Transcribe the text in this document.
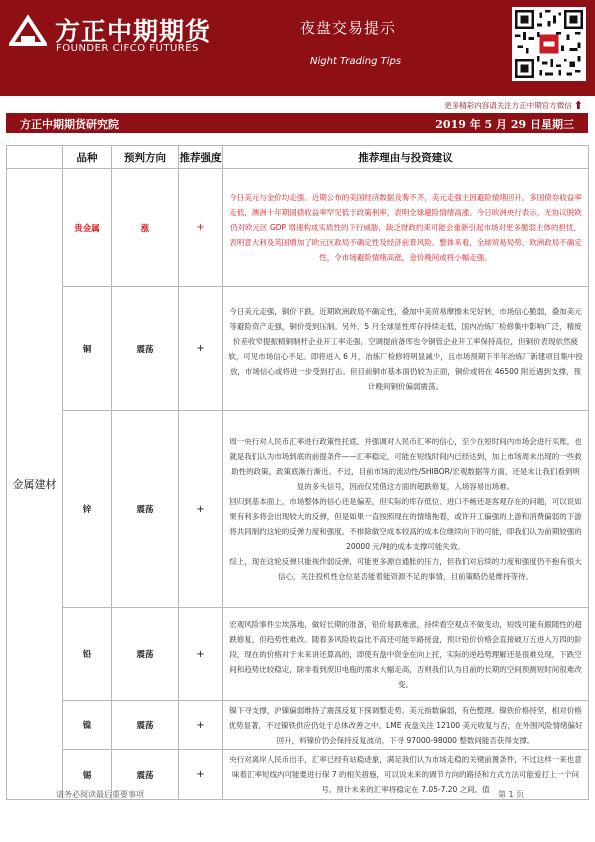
方正中期期货
FOUNDER CIFCO FUTURES
夜盘交易提示
Night Trading Tips
更多精彩内容请关注方正中期官方微信 ⬆
方正中期期货研究院	2019 年 5 月 29 日星期三
	品种	预判方向	推荐强度	推荐理由与投资建议
金属建材	贵金属	涨	+	今日美元与金价均走强。近期公布的美国经济数据良莠不齐，美元走强主因避险情绪回升。多国债券收益率走低，澳洲十年期国债收益率罕见低于政策利率，表明全球避险情绪高涨。今日欧洲央行表示，无协议脱欧仍对欧元区 GDP 增速构成实质性的下行威胁，缺乏财政约束可能会重新引起市场对更多脆弱主体的担忧，表明意大利及英国增加了欧元区政局不确定性及经济前景风险。整体来看，全球贸易局势、欧洲政局不确定性，令市场避险情绪高涨，金价晚间或将小幅走强。

	铜	震荡	+	今日美元走强，铜价下跌。近期欧洲政局不确定性，叠加中美贸易摩擦未见好转，市场信心脆弱，叠加美元等避险资产走强，铜价受到压制。另外，5 月全球显性库存持续走低，国内冶炼厂检修集中影响广泛，精废价差收窄提振精铜制杆企业开工率走强，空调提前备库也令铜管企业开工率保持高位，但铜价表现依然疲软，可见市场信心不足。即将进入 6 月，冶炼厂检修将明显减少，且市场预期下半年冶炼厂新建项目集中投放，市场信心或将进一步受到打击。但目前铜市基本面仍较为正面，铜价或将在 46500 附近遇到支撑，预计晚间铜价偏弱震荡。

	锌	震荡	+	周一央行对人民币汇率进行政策性托底，并强调对人民币汇率的信心，至少在短时间内市场会进行买账，也就是我们认为市场到底的前提条件——汇率稳定，可能在短线时间内已经达到，加上市场周末出现的一些救助性的政策，政策底渐行渐近。不过，目前市场的流动性/SHIBOR/宏观数据等方面，还是未让我们看到明显的多头信号，因而仅凭借这方面的超跌修复，入场容易出场难。

回归到基本面上，市场整体的信心还是偏差，但实际的库存低位、进口不畅还是客观存在的问题，可以说如果有利多将会出现较大的反弹，但是如果一直按照现在的情绪拖着，或许开工偏强的上游和消费偏弱的下游将共同制约这轮的反弹力度和强度，不排除做空成本较高的成本位继续向下的可能，即我们认为前期较强的 20000 元/吨的成本支撑可能失效。

综上，现在这轮反弹只能视作弱反弹，可能更多源自通胀的压力，但我们对后续的力度和强度仍不抱有很大信心，关注投机性仓位是否能着能资源不足的事情，目前策略仍是维持等待。

	铅	震荡	+	宏观风险事件尘埃落地，做好长期的准备，铅价易跌难涨，持续看空观点不做变动，短线可能有跟随性的超跌修复，但趋势性难改。随着多风险收益比不高还可能半路接盘，预计铅价价格会直接破万五进入万四的阶段，现在的价格对于未来讲还算高的，即使有盘中资金在向上托，实际的逆趋势理解还是很难兑现，下跌空间和趋势比较稳定，除非看到废旧电瓶的需求大幅走高，否则我们认为目前的长期的空间预测短时间很难改变。

	镍	震荡	+	镍下寻支撑，沪镍偏弱维持了震荡反复下探调整走势。美元指数偏弱，有色整理。镍铁价格持坚，相对价格优势显著，不过镍铁供应仍处于总体改善之中。LME 夜盘关注 12100 美元收复与否，在外围风险情绪偏好回升，料镍价仍会保持反复波动，下寻 97000-98000 整数间能否获得支撑。

	锡	震荡	+	央行对离岸人民币出手，汇率已经有站稳迹象，满足我们认为市场走稳的关键前置条件，不过这样一来也意味着汇率短线内可能要进行保 7 的相关措施，可以说未来的调节方向的路径和方式方法可能爱打上一个问号。预计未来的汇率将稳定在 7.05-7.20 之间。值

请务必阅读最后重要事项	第 1 页
